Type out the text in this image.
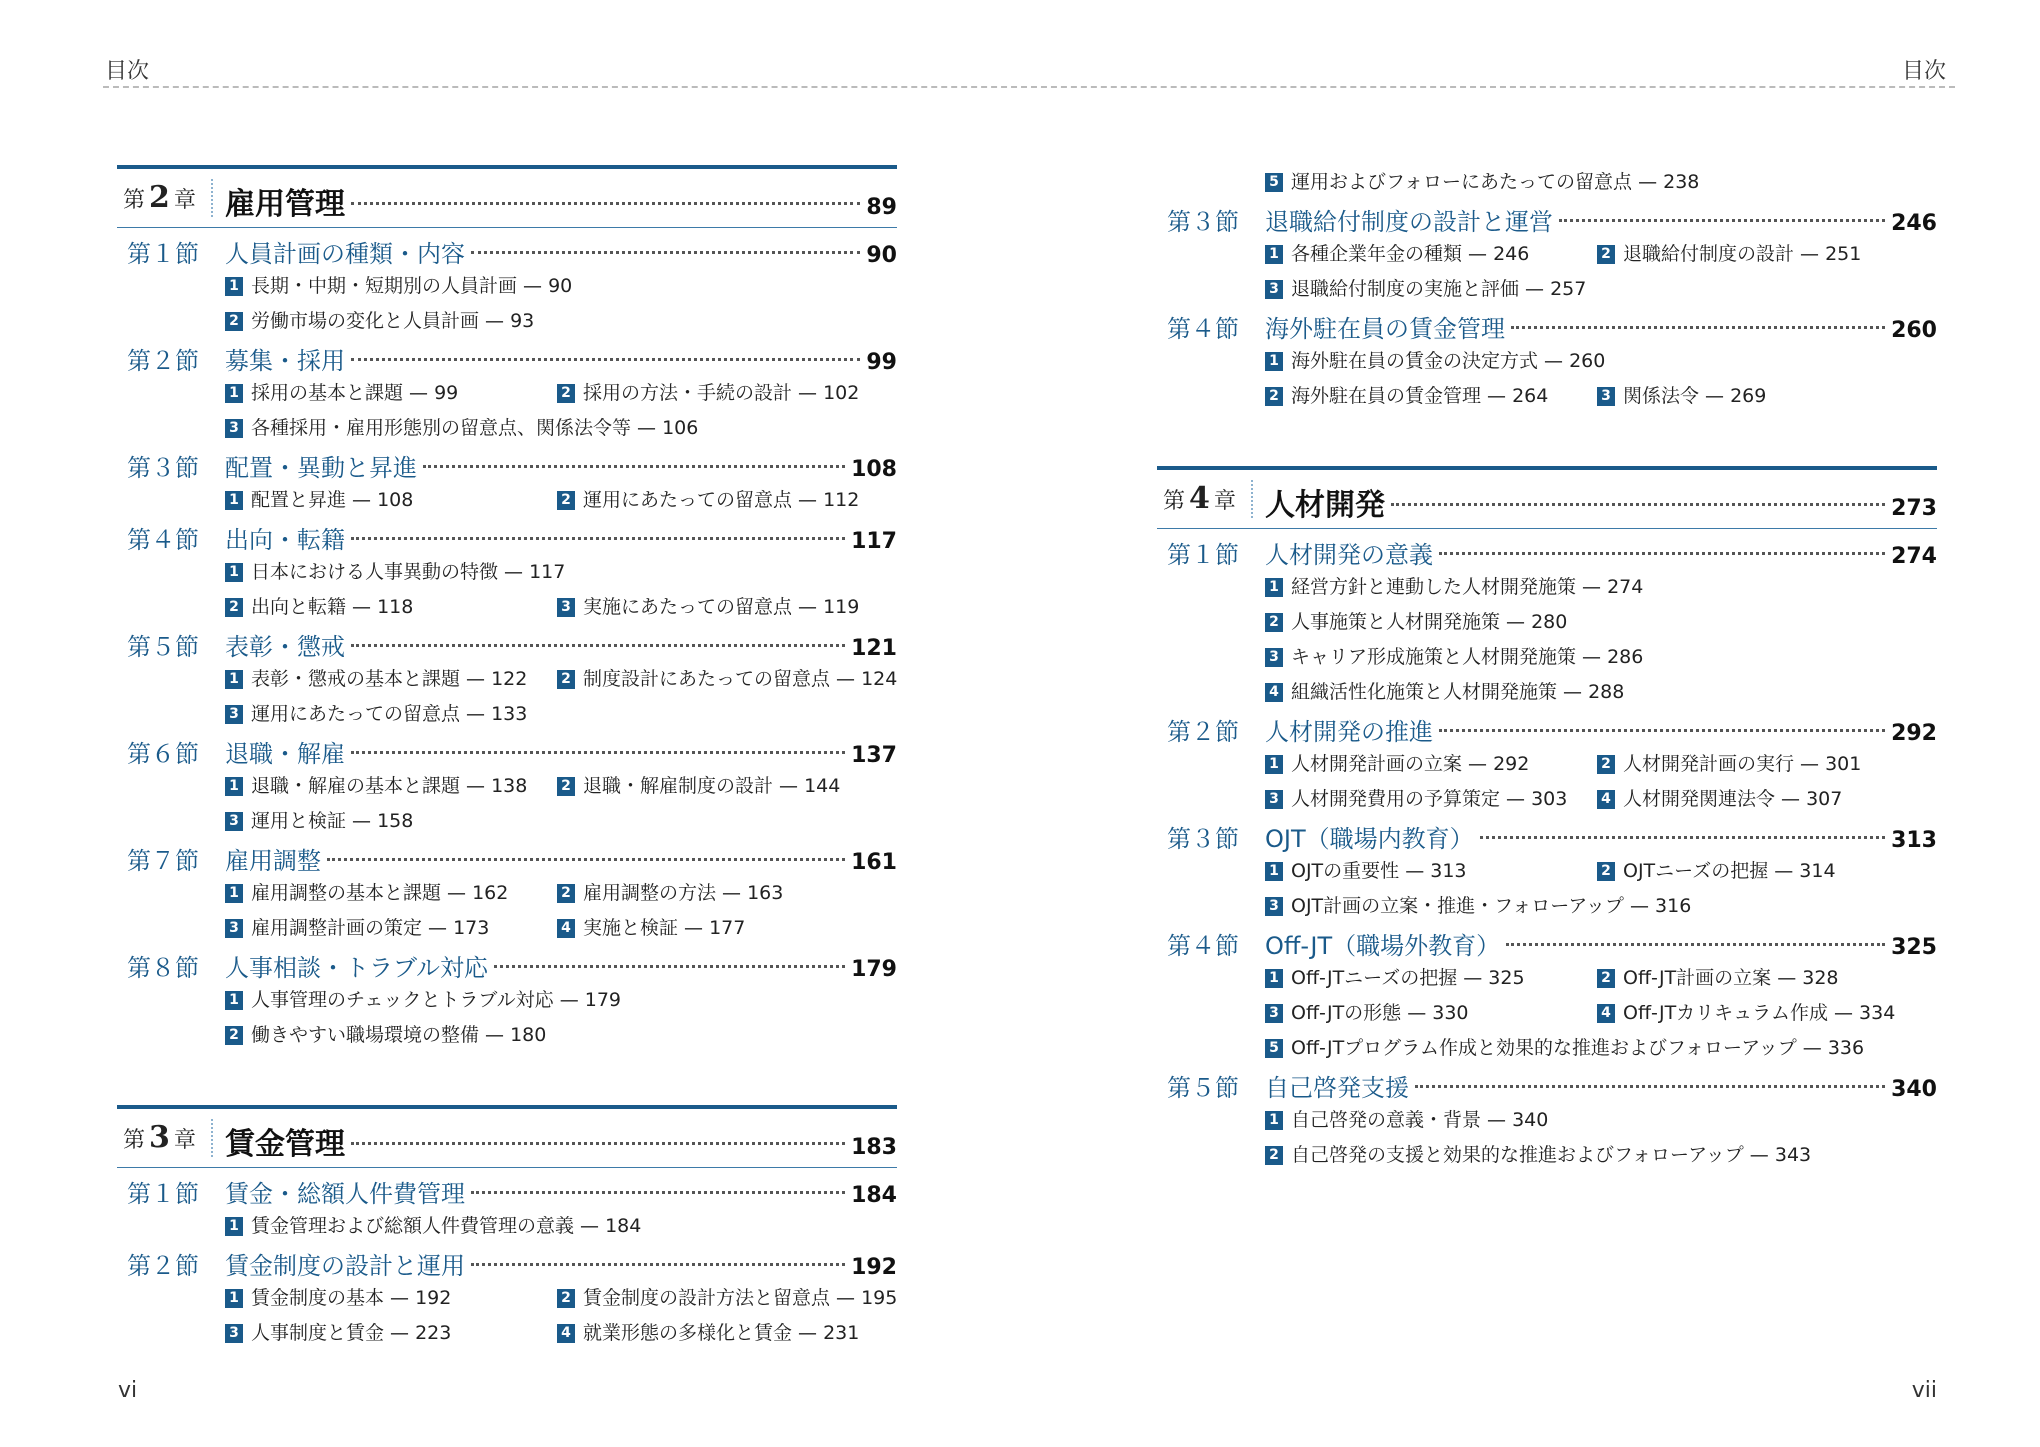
目次	目次
第 2 章 雇用管理	89
第１節	人員計画の種類・内容	90
1 長期・中期・短期別の人員計画 — 90
2 労働市場の変化と人員計画 — 93
第２節	募集・採用	99
1 採用の基本と課題 — 99	2 採用の方法・手続の設計 — 102
3 各種採用・雇用形態別の留意点、関係法令等 — 106
第３節	配置・異動と昇進	108
1 配置と昇進 — 108	2 運用にあたっての留意点 — 112
第４節	出向・転籍	117
1 日本における人事異動の特徴 — 117
2 出向と転籍 — 118	3 実施にあたっての留意点 — 119
第５節	表彰・懲戒	121
1 表彰・懲戒の基本と課題 — 122 2 制度設計にあたっての留意点 — 124
3 運用にあたっての留意点 — 133
第６節	退職・解雇	137
1 退職・解雇の基本と課題 — 138 2 退職・解雇制度の設計 — 144
3 運用と検証 — 158
第７節	雇用調整	161
1 雇用調整の基本と課題 — 162	2 雇用調整の方法 — 163
3 雇用調整計画の策定 — 173	4 実施と検証 — 177
第８節	人事相談・トラブル対応	179
1 人事管理のチェックとトラブル対応 — 179
2 働きやすい職場環境の整備 — 180
第 3 章 賃金管理	183
第１節	賃金・総額人件費管理	184
1 賃金管理および総額人件費管理の意義 — 184
第２節	賃金制度の設計と運用	192
1 賃金制度の基本 — 192	2 賃金制度の設計方法と留意点 — 195
3 人事制度と賃金 — 223	4 就業形態の多様化と賃金 — 231
5 運用およびフォローにあたっての留意点 — 238
第３節	退職給付制度の設計と運営	246
1 各種企業年金の種類 — 246	2 退職給付制度の設計 — 251
3 退職給付制度の実施と評価 — 257
第４節	海外駐在員の賃金管理	260
1 海外駐在員の賃金の決定方式 — 260
2 海外駐在員の賃金管理 — 264	3 関係法令 — 269
第 4 章 人材開発	273
第１節	人材開発の意義	274
1 経営方針と連動した人材開発施策 — 274
2 人事施策と人材開発施策 — 280
3 キャリア形成施策と人材開発施策 — 286
4 組織活性化施策と人材開発施策 — 288
第２節	人材開発の推進	292
1 人材開発計画の立案 — 292	2 人材開発計画の実行 — 301
3 人材開発費用の予算策定 — 303 4 人材開発関連法令 — 307
第３節	OJT（職場内教育）	313
1 OJTの重要性 — 313	2 OJTニーズの把握 — 314
3 OJT計画の立案・推進・フォローアップ — 316
第４節	Off-JT（職場外教育）	325
1 Off-JTニーズの把握 — 325	2 Off-JT計画の立案 — 328
3 Off-JTの形態 — 330	4 Off-JTカリキュラム作成 — 334
5 Off-JTプログラム作成と効果的な推進およびフォローアップ — 336
第５節	自己啓発支援	340
1 自己啓発の意義・背景 — 340
2 自己啓発の支援と効果的な推進およびフォローアップ — 343
vi	vii
